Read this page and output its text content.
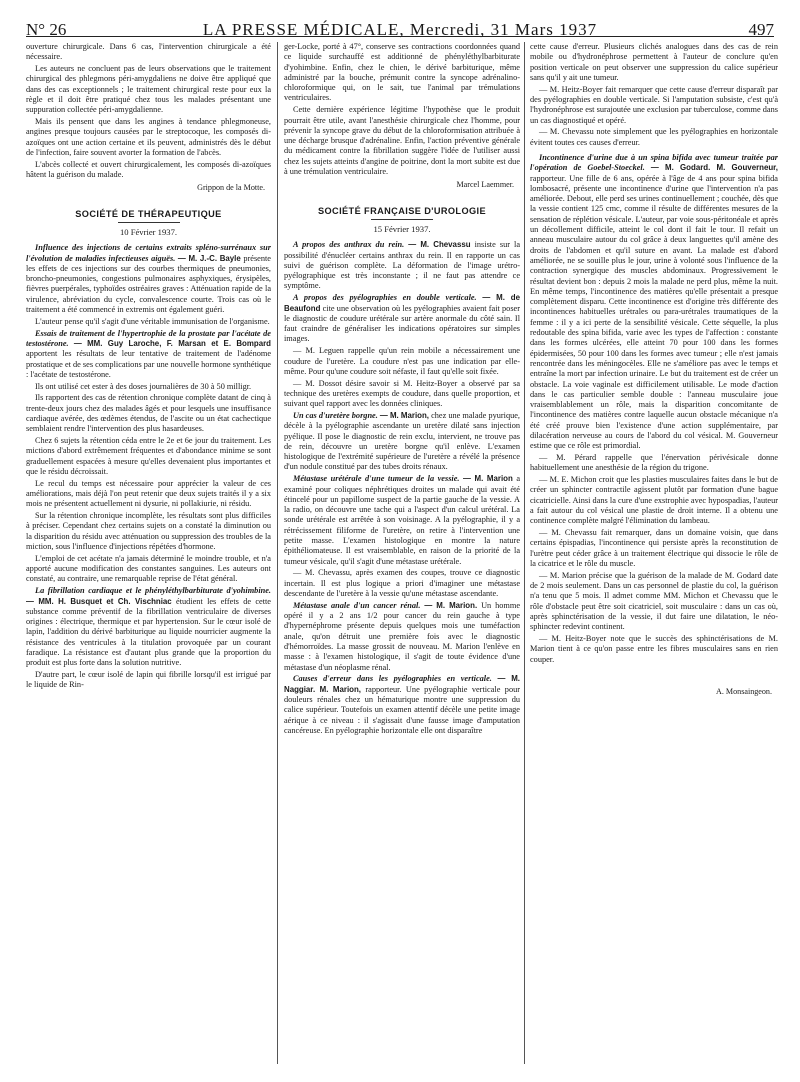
N° 26	LA PRESSE MÉDICALE, Mercredi, 31 Mars 1937	497

ouverture chirurgicale. Dans 6 cas, l'intervention chirurgicale a été nécessaire.

Les auteurs ne concluent pas de leurs observations que le traitement chirurgical des phlegmons péri-amygdaliens ne doive être appliqué que dans des cas exceptionnels ; le traitement chirurgical reste pour eux la règle et il doit être pratiqué chez tous les malades présentant une suppuration collectée péri-amygdalienne.

Mais ils pensent que dans les angines à tendance phlegmoneuse, angines presque toujours causées par le streptocoque, les composés di-azoïques ont une action certaine et ils peuvent, administrés dès le début de l'infection, faire souvent avorter la formation de l'abcès.

L'abcès collecté et ouvert chirurgicalement, les composés di-azoïques hâtent la guérison du malade.

Grippon de la Motte.
SOCIÉTÉ DE THÉRAPEUTIQUE
10 Février 1937.

Influence des injections de certains extraits spléno-surrénaux sur l'évolution de maladies infectieuses aiguës. — M. J.-C. Bayle présente les effets de ces injections sur des courbes thermiques de pneumonies, broncho-pneumonies, congestions pulmonaires asphyxiques, érysipèles, fièvres puerpérales, typhoïdes ostréaires graves : Atténuation rapide de la virulence, abréviation du cycle, convalescence courte. Trois cas où le traitement a été commencé in extremis ont également guéri.

L'auteur pense qu'il s'agit d'une véritable immunisation de l'organisme.

Essais de traitement de l'hypertrophie de la prostate par l'acétate de testostérone. — MM. Guy Laroche, F. Marsan et E. Bompard apportent les résultats de leur tentative de traitement de l'adénome prostatique et de ses complications par une nouvelle hormone synthétique : l'acétate de testostérone.

Ils ont utilisé cet ester à des doses journalières de 30 à 50 milligr.

Ils rapportent des cas de rétention chronique complète datant de cinq à trente-deux jours chez des malades âgés et pour lesquels une insuffisance cardiaque avérée, des œdèmes étendus, de l'ascite ou un état cachectique semblaient rendre l'intervention des plus hasardeuses.

Chez 6 sujets la rétention céda entre le 2e et 6e jour du traitement. Les mictions d'abord extrêmement fréquentes et d'abondance minime se sont graduellement espacées à mesure qu'elles devenaient plus importantes et que le résidu décroissait.

Le recul du temps est nécessaire pour apprécier la valeur de ces améliorations, mais déjà l'on peut retenir que deux sujets traités il y a six mois ne présentent actuellement ni dysurie, ni pollakiurie, ni résidu.

Sur la rétention chronique incomplète, les résultats sont plus difficiles à préciser. Cependant chez certains sujets on a constaté la diminution ou la disparition du résidu avec atténuation ou suppression des troubles de la miction, sous l'influence d'injections répétées d'hormone.

L'emploi de cet acétate n'a jamais déterminé le moindre trouble, et n'a apporté aucune modification des constantes sanguines. Les auteurs ont constaté, au contraire, une remarquable reprise de l'état général.

La fibrillation cardiaque et le phényléthylbarbiturate d'yohimbine. — MM. H. Busquet et Ch. Vischniac étudient les effets de cette substance comme préventif de la fibrillation ventriculaire de diverses origines : électrique, thermique et par hypertension. Sur le cœur isolé de lapin, l'addition du dérivé barbiturique au liquide nourricier augmente la résistance des ventricules à la titulation provoquée par un courant faradique. La résistance est d'autant plus grande que la proportion du produit est plus forte dans la solution nutritive.

D'autre part, le cœur isolé de lapin qui fibrille lorsqu'il est irrigué par le liquide de Rin-

ger-Locke, porté à 47°, conserve ses contractions coordonnées quand ce liquide surchauffé est additionné de phényléthylbarbiturate d'yohimbine. Enfin, chez le chien, le dérivé barbiturique, même administré par la bouche, prémunit contre la syncope adrénalino-chloroformique qui, on le sait, tue l'animal par trémulations ventriculaires.

Cette dernière expérience légitime l'hypothèse que le produit pourrait être utile, avant l'anesthésie chirurgicale chez l'homme, pour prévenir la syncope grave du début de la chloroformisation attribuée à une décharge brusque d'adrénaline. Enfin, l'action préventive générale du médicament contre la fibrillation suggère l'idée de l'utiliser aussi chez les sujets atteints d'angine de poitrine, dont la mort subite est due à une trémulation ventriculaire.

Marcel Laemmer.
SOCIÉTÉ FRANÇAISE D'UROLOGIE
15 Février 1937.

A propos des anthrax du rein. — M. Chevassu insiste sur la possibilité d'énucléer certains anthrax du rein. Il en rapporte un cas suivi de guérison complète. La déformation de l'image urétro-pyélographique est très inconstante ; il ne faut pas attendre ce symptôme.

A propos des pyélographies en double verticale. — M. de Beaufond cite une observation où les pyélographies avaient fait poser le diagnostic de coudure urétérale sur artère anormale du côté sain. Il faut craindre de généraliser les indications opératoires sur simples images.

— M. Leguen rappelle qu'un rein mobile a nécessairement une coudure de l'uretère. La coudure n'est pas une indication par elle-même. Pour qu'une coudure soit néfaste, il faut qu'elle soit fixée.

— M. Dossot désire savoir si M. Heitz-Boyer a observé par sa technique des uretères exempts de coudure, dans quelle proportion, et suivant quel rapport avec les données cliniques.

Un cas d'uretère borgne. — M. Marion, chez une malade pyurique, décèle à la pyélographie ascendante un uretère dilaté sans injection pyélique. Il pose le diagnostic de rein exclu, intervient, ne trouve pas de rein, découvre un uretère borgne qu'il enlève. L'examen histologique de l'extrémité supérieure de l'uretère a révélé la présence d'un nodule constitué par des tubes droits rénaux.

Métastase urétérale d'une tumeur de la vessie. — M. Marion a examiné pour coliques néphrétiques droites un malade qui avait été étincelé pour un papillome suspect de la partie gauche de la vessie. A la radio, on découvre une tache qui a l'aspect d'un calcul urétéral. La sonde urétérale est arrêtée à son voisinage. A la pyélographie, il y a rétrécissement filiforme de l'uretère, on retire à l'intervention une petite masse. L'examen histologique en montre la nature épithéliomateuse. Il est vraisemblable, en raison de la priorité de la tumeur vésicale, qu'il s'agit d'une métastase urétérale.

— M. Chevassu, après examen des coupes, trouve ce diagnostic incertain. Il est plus logique a priori d'imaginer une métastase descendante de l'uretère à la vessie qu'une métastase ascendante.

Métastase anale d'un cancer rénal. — M. Marion. Un homme opéré il y a 2 ans 1/2 pour cancer du rein gauche à type d'hypernéphrome présente depuis quelques mois une tuméfaction anale, qu'on détruit une première fois avec le diagnostic d'hémorroïdes. La masse grossit de nouveau. M. Marion l'enlève en masse : à l'examen histologique, il s'agit de toute évidence d'une métastase d'un néoplasme rénal.

Causes d'erreur dans les pyélographies en verticale. — M. Naggiar. M. Marion, rapporteur. Une pyélographie verticale pour douleurs rénales chez un hématurique montre une suppression du calice supérieur. Toutefois un examen attentif décèle une petite image aérique à ce niveau : il s'agissait d'une fausse image d'amputation cancéreuse. En pyélographie horizontale elle ont disparaître

cette cause d'erreur. Plusieurs clichés analogues dans des cas de rein mobile ou d'hydronéphrose permettent à l'auteur de conclure qu'en position verticale on peut observer une suppression du calice supérieur sans qu'il y ait une tumeur.

— M. Heitz-Boyer fait remarquer que cette cause d'erreur disparaît par des pyélographies en double verticale. Si l'amputation subsiste, c'est qu'à l'hydronéphrose est surajoutée une exclusion par tuberculose, comme dans un cas diagnostiqué et opéré.

— M. Chevassu note simplement que les pyélographies en horizontale évitent toutes ces causes d'erreur.

Incontinence d'urine due à un spina bifida avec tumeur traitée par l'opération de Goebel-Stoeckel. — M. Godard. M. Gouverneur, rapporteur. Une fille de 6 ans, opérée à l'âge de 4 ans pour spina bifida lombosacré, présente une incontinence d'urine que l'intervention n'a pas améliorée. Debout, elle perd ses urines continuellement ; couchée, dès que la vessie contient 125 cmc, comme il résulte de différentes mesures de la sensation de réplétion vésicale. L'auteur, par voie sous-péritonéale et après un décollement difficile, atteint le col dont il fait le tour. Il refait un anneau musculaire autour du col grâce à deux languettes qu'il amène des droits de l'abdomen et qu'il suture en avant. La malade est d'abord améliorée, ne se souille plus le jour, urine à volonté sous l'influence de la contraction synergique des muscles abdominaux. Progressivement le résultat devient bon : depuis 2 mois la malade ne perd plus, même la nuit. En même temps, l'incontinence des matières qu'elle présentait a presque complètement disparu. Cette incontinence est d'origine très différente des incontinences habituelles urétrales ou para-urétrales traumatiques de la femme : il y a ici perte de la sensibilité vésicale. Cette séquelle, la plus redoutable des spina bifida, varie avec les types de l'affection : constante dans les formes ulcérées, elle atteint 70 pour 100 dans les formes épidermisées, 50 pour 100 dans les formes avec tumeur ; elle n'est jamais rencontrée dans les méningocèles. Elle ne s'améliore pas avec le temps et entraîne la mort par infection urinaire. Le but du traitement est de créer un obstacle. La voie vaginale est difficilement utilisable. Le mode d'action dans le cas particulier semble double : l'anneau musculaire joue vraisemblablement un rôle, mais la disparition concomitante de l'incontinence des matières contre laquelle aucun obstacle mécanique n'a été créé prouve bien l'existence d'une action supplémentaire, par dilacération nerveuse au cours de l'abord du col vésical. M. Gouverneur estime que ce rôle est primordial.

— M. Pérard rappelle que l'énervation périvésicale donne habituellement une anesthésie de la région du trigone.

— M. E. Michon croit que les plasties musculaires faites dans le but de créer un sphincter contractile agissent plutôt par formation d'une bague cicatricielle. Ainsi dans la cure d'une exstrophie avec hypospadias, l'auteur a fait autour du col vésical une plastie de droit interne. Il a obtenu une continence complète malgré l'élimination du lambeau.

— M. Chevassu fait remarquer, dans un domaine voisin, que dans certains épispadias, l'incontinence qui persiste après la reconstitution de l'urètre peut céder grâce à un traitement électrique qui dissocie le rôle de la cicatrice et le rôle du muscle.

— M. Marion précise que la guérison de la malade de M. Godard date de 2 mois seulement. Dans un cas personnel de plastie du col, la guérison n'a tenu que 5 mois. Il admet comme MM. Michon et Chevassu que le rôle d'obstacle peut être soit cicatriciel, soit musculaire : dans un cas où, après sphinctérisation de la vessie, il dut faire une dilatation, le néo-sphincter redevint continent.

— M. Heitz-Boyer note que le succès des sphinctérisations de M. Marion tient à ce qu'on passe entre les fibres musculaires sans en rien couper.

A. Monsaingeon.
